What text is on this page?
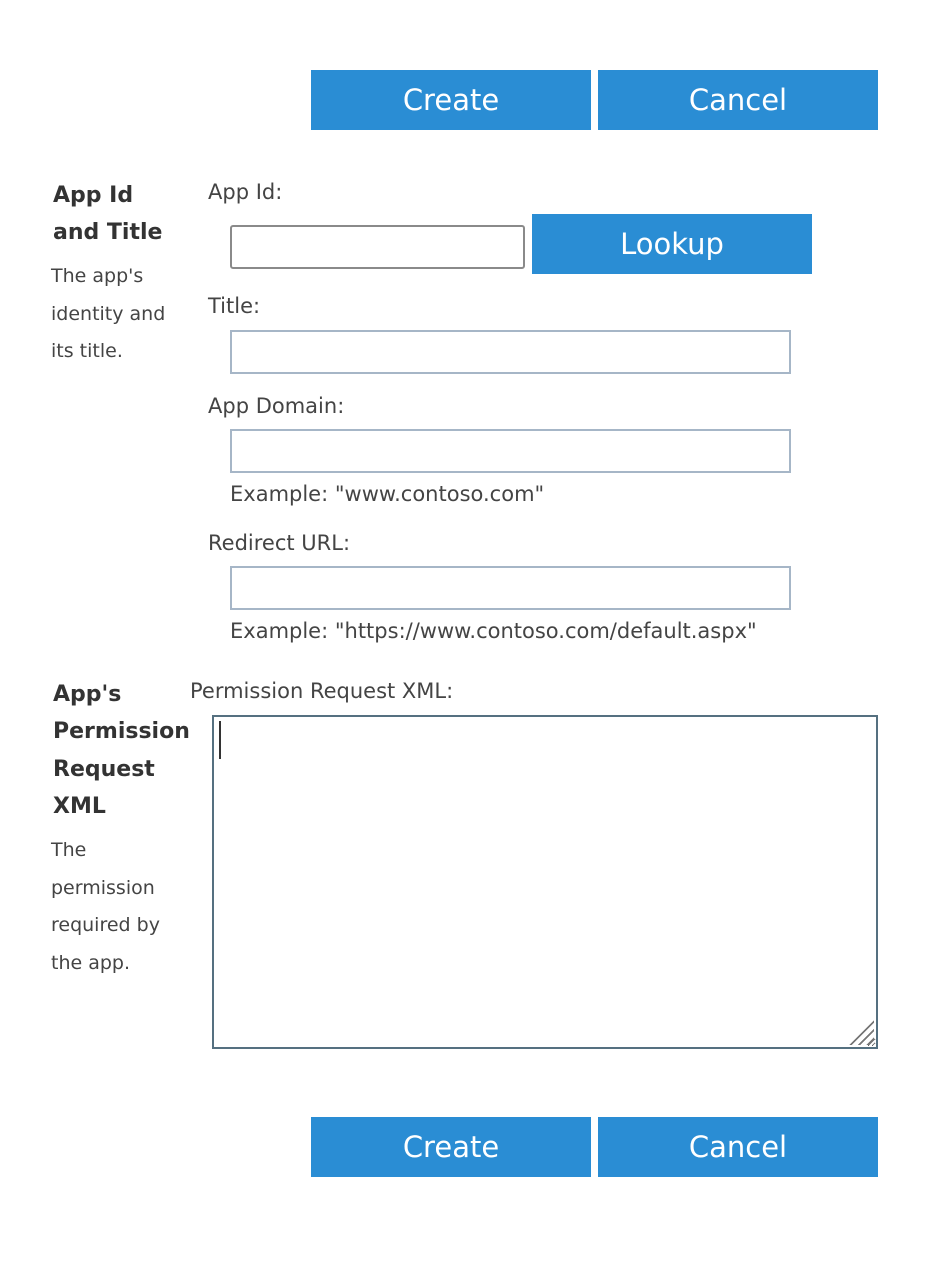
Create	Cancel
App Id
and Title
The app's
identity and
its title.
App Id:
Lookup
Title:
App Domain:
Example: "www.contoso.com"
Redirect URL:
Example: "https://www.contoso.com/default.aspx"
App's
Permission
Request
XML
The
permission
required by
the app.
Permission Request XML:
Create	Cancel
